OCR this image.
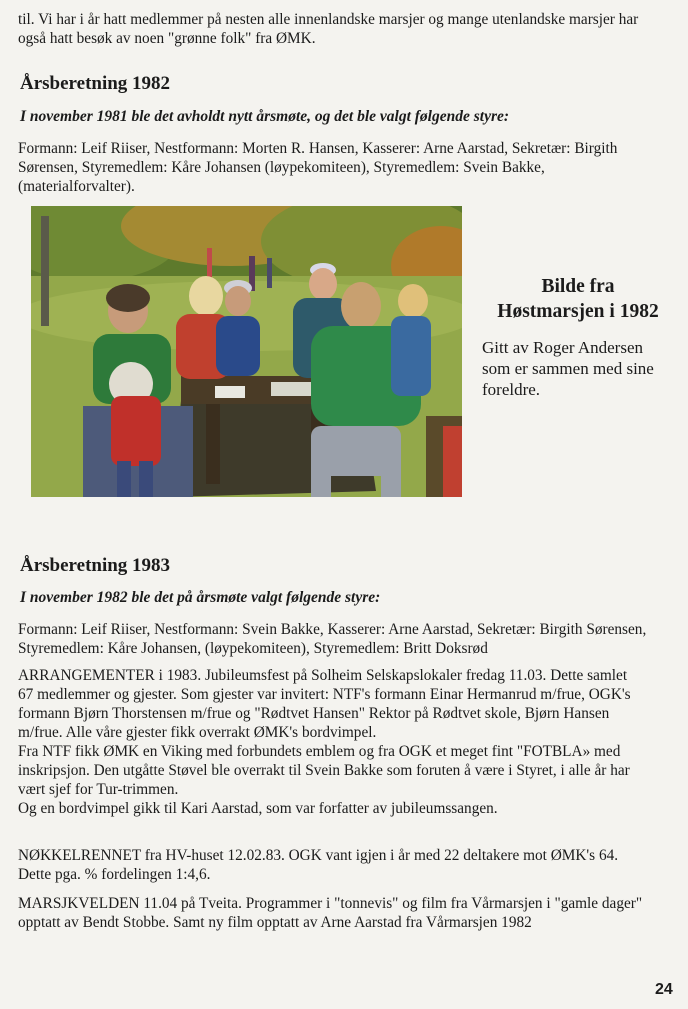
til. Vi har i år hatt medlemmer på nesten alle innenlandske marsjer og mange utenlandske marsjer har
også hatt besøk av noen "grønne folk" fra ØMK.

Årsberetning 1982

I november 1981 ble det avholdt nytt årsmøte, og det ble valgt følgende styre:

Formann: Leif Riiser, Nestformann: Morten R. Hansen, Kasserer: Arne Aarstad, Sekretær: Birgith
Sørensen, Styremedlem: Kåre Johansen (løypekomiteen), Styremedlem: Svein Bakke,
(materialforvalter).

Bilde fra
Høstmarsjen i 1982
Gitt av Roger Andersen
som er sammen med sine
foreldre.
Årsberetning 1983

I november 1982 ble det på årsmøte valgt følgende styre:

Formann: Leif Riiser, Nestformann: Svein Bakke, Kasserer: Arne Aarstad, Sekretær: Birgith Sørensen,
Styremedlem: Kåre Johansen, (løypekomiteen), Styremedlem: Britt Doksrød

ARRANGEMENTER i 1983. Jubileumsfest på Solheim Selskapslokaler fredag 11.03. Dette samlet
67 medlemmer og gjester. Som gjester var invitert: NTF's formann Einar Hermanrud m/frue, OGK's
formann Bjørn Thorstensen m/frue og "Rødtvet Hansen" Rektor på Rødtvet skole, Bjørn Hansen
m/frue. Alle våre gjester fikk overrakt ØMK's bordvimpel.
Fra NTF fikk ØMK en Viking med forbundets emblem og fra OGK et meget fint "FOTBLA» med
inskripsjon. Den utgåtte Støvel ble overrakt til Svein Bakke som foruten å være i Styret, i alle år har
vært sjef for Tur-trimmen.
Og en bordvimpel gikk til Kari Aarstad, som var forfatter av jubileumssangen.

NØKKELRENNET fra HV-huset 12.02.83. OGK vant igjen i år med 22 deltakere mot ØMK's 64.
Dette pga. % fordelingen 1:4,6.

MARSJKVELDEN 11.04 på Tveita. Programmer i "tonnevis" og film fra Vårmarsjen i "gamle dager"
opptatt av Bendt Stobbe. Samt ny film opptatt av Arne Aarstad fra Vårmarsjen 1982

24
